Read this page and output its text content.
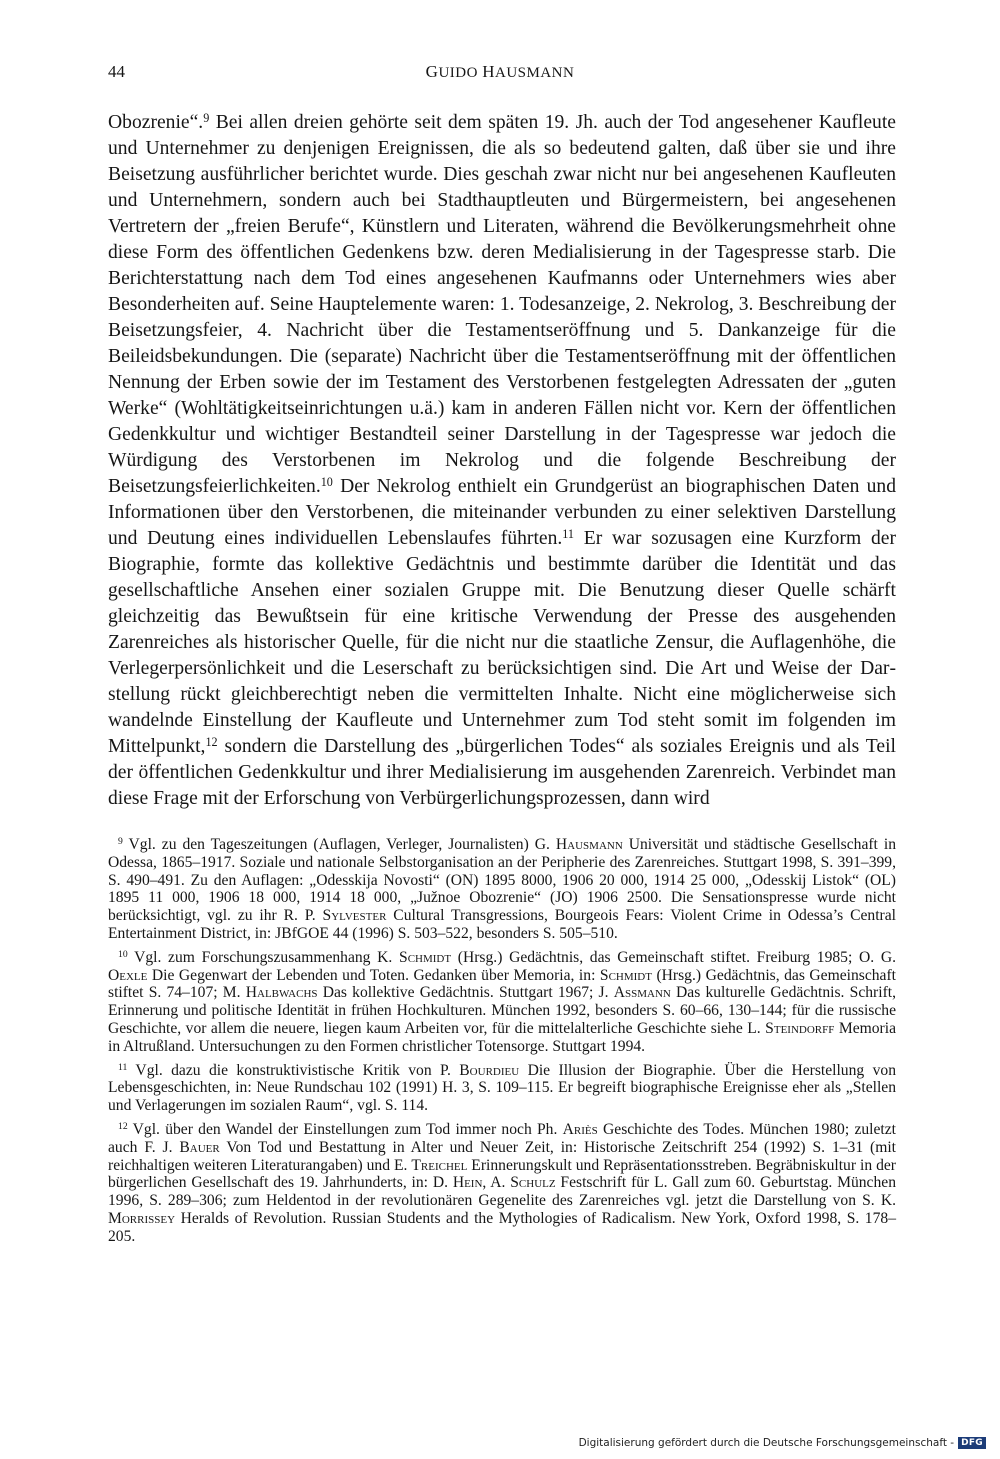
44	GUIDO HAUSMANN

Obozrenie“.$^9$ Bei allen dreien gehörte seit dem späten 19. Jh. auch der Tod angesehener Kaufleute und Unternehmer zu denjenigen Ereignissen, die als so bedeutend galten, daß über sie und ihre Beisetzung ausführlicher berichtet wurde. Dies geschah zwar nicht nur bei angesehenen Kaufleuten und Unternehmern, sondern auch bei Stadthauptleuten und Bürgermeistern, bei angesehenen Vertretern der „freien Berufe“, Künstlern und Literaten, während die Bevölkerungsmehrheit ohne diese Form des öffentlichen Gedenkens bzw. deren Medialisierung in der Tagespresse starb. Die Berichterstattung nach dem Tod eines angesehenen Kaufmanns oder Unternehmers wies aber Besonderheiten auf. Seine Hauptelemente waren: 1. Todesanzeige, 2. Nekrolog, 3. Beschreibung der Beisetzungsfeier, 4. Nachricht über die Testamentseröffnung und 5. Dankanzeige für die Beileidsbekundungen. Die (separate) Nachricht über die Testamentseröffnung mit der öffentlichen Nennung der Erben sowie der im Testament des Verstorbenen festgelegten Adressaten der „guten Werke“ (Wohltätigkeitseinrichtungen u.ä.) kam in anderen Fällen nicht vor. Kern der öffentlichen Gedenkkultur und wichtiger Bestandteil seiner Darstellung in der Tagespresse war jedoch die Würdigung des Verstorbenen im Nekrolog und die folgende Beschreibung der Beisetzungsfeierlichkeiten.$^{10}$ Der Nekrolog enthielt ein Grundgerüst an biographischen Daten und Informationen über den Verstorbenen, die miteinander verbunden zu einer selektiven Darstellung und Deutung eines individuellen Lebenslaufes führten.$^{11}$ Er war sozusagen eine Kurzform der Biographie, formte das kollektive Gedächtnis und bestimmte darüber die Identität und das gesellschaftliche Ansehen einer sozialen Gruppe mit. Die Benutzung dieser Quelle schärft gleichzeitig das Bewußtsein für eine kritische Verwendung der Presse des ausgehenden Zarenreiches als historischer Quelle, für die nicht nur die staatliche Zensur, die Auflagenhöhe, die Verlegerpersönlichkeit und die Leserschaft zu berücksichtigen sind. Die Art und Weise der Darstellung rückt gleichberechtigt neben die vermittelten Inhalte. Nicht eine möglicherweise sich wandelnde Einstellung der Kaufleute und Unternehmer zum Tod steht somit im folgenden im Mittelpunkt,$^{12}$ sondern die Darstellung des „bürgerlichen Todes“ als soziales Ereignis und als Teil der öffentlichen Gedenkkultur und ihrer Medialisierung im ausgehenden Zarenreich. Verbindet man diese Frage mit der Erforschung von Verbürgerlichungsprozessen, dann wird

$^9$ Vgl. zu den Tageszeitungen (Auflagen, Verleger, Journalisten) G. Hausmann Universität und städtische Gesellschaft in Odessa, 1865–1917. Soziale und nationale Selbstorganisation an der Peripherie des Zarenreiches. Stuttgart 1998, S. 391–399, S. 490–491. Zu den Auflagen: „Odesskija Novosti“ (ON) 1895 8000, 1906 20 000, 1914 25 000, „Odesskij Listok“ (OL) 1895 11 000, 1906 18 000, 1914 18 000, „Južnoe Obozrenie“ (JO) 1906 2500. Die Sensationspresse wurde nicht berücksichtigt, vgl. zu ihr R. P. Sylvester Cultural Transgressions, Bourgeois Fears: Violent Crime in Odessa’s Central Entertainment District, in: JBfGOE 44 (1996) S. 503–522, besonders S. 505–510.

$^{10}$ Vgl. zum Forschungszusammenhang K. Schmidt (Hrsg.) Gedächtnis, das Gemeinschaft stiftet. Freiburg 1985; O. G. Oexle Die Gegenwart der Lebenden und Toten. Gedanken über Memoria, in: Schmidt (Hrsg.) Gedächtnis, das Gemeinschaft stiftet S. 74–107; M. Halbwachs Das kollektive Gedächtnis. Stuttgart 1967; J. Assmann Das kulturelle Gedächtnis. Schrift, Erinnerung und politische Identität in frühen Hochkulturen. München 1992, besonders S. 60–66, 130–144; für die russische Geschichte, vor allem die neuere, liegen kaum Arbeiten vor, für die mittelalterliche Geschichte siehe L. Steindorff Memoria in Altrußland. Untersuchungen zu den Formen christlicher Totensorge. Stuttgart 1994.

$^{11}$ Vgl. dazu die konstruktivistische Kritik von P. Bourdieu Die Illusion der Biographie. Über die Herstellung von Lebensgeschichten, in: Neue Rundschau 102 (1991) H. 3, S. 109–115. Er begreift biographische Ereignisse eher als „Stellen und Verlagerungen im sozialen Raum“, vgl. S. 114.

$^{12}$ Vgl. über den Wandel der Einstellungen zum Tod immer noch Ph. Ariès Geschichte des Todes. München 1980; zuletzt auch F. J. Bauer Von Tod und Bestattung in Alter und Neuer Zeit, in: Historische Zeitschrift 254 (1992) S. 1–31 (mit reichhaltigen weiteren Literaturangaben) und E. Treichel Erinnerungskult und Repräsentationsstreben. Begräbniskultur in der bürgerlichen Gesellschaft des 19. Jahrhunderts, in: D. Hein, A. Schulz Festschrift für L. Gall zum 60. Geburtstag. München 1996, S. 289–306; zum Heldentod in der revolutionären Gegenelite des Zarenreiches vgl. jetzt die Darstellung von S. K. Morrissey Heralds of Revolution. Russian Students and the Mythologies of Radicalism. New York, Oxford 1998, S. 178–205.

Digitalisierung gefördert durch die Deutsche Forschungsgemeinschaft - DFG
